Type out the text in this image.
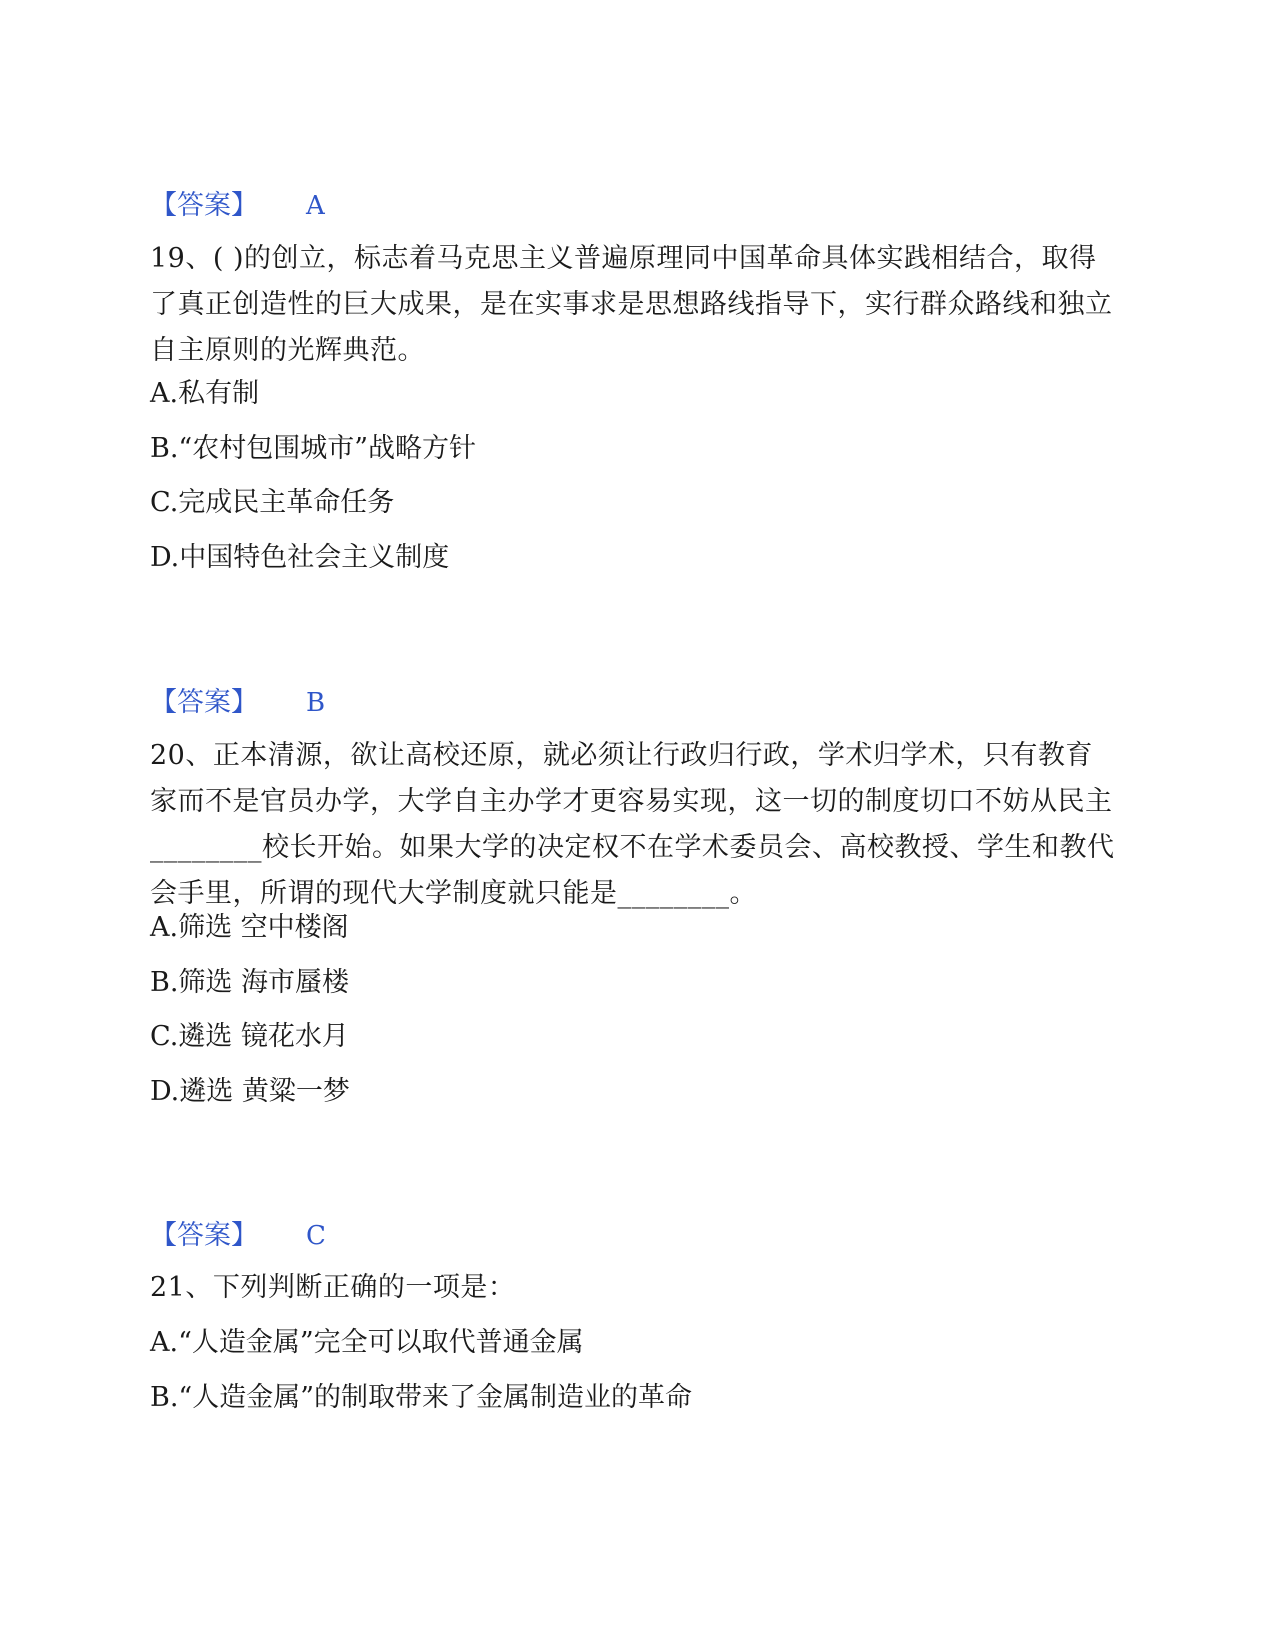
【答案】 A
19、( )的创立，标志着马克思主义普遍原理同中国革命具体实践相结合，取得了真正创造性的巨大成果，是在实事求是思想路线指导下，实行群众路线和独立自主原则的光辉典范。
A.私有制
B.“农村包围城市”战略方针
C.完成民主革命任务
D.中国特色社会主义制度
【答案】 B
20、正本清源，欲让高校还原，就必须让行政归行政，学术归学术，只有教育家而不是官员办学，大学自主办学才更容易实现，这一切的制度切口不妨从民主________校长开始。如果大学的决定权不在学术委员会、高校教授、学生和教代会手里，所谓的现代大学制度就只能是________。
A.筛选 空中楼阁
B.筛选 海市蜃楼
C.遴选 镜花水月
D.遴选 黄粱一梦
【答案】 C
21、下列判断正确的一项是：
A.“人造金属”完全可以取代普通金属
B.“人造金属”的制取带来了金属制造业的革命
